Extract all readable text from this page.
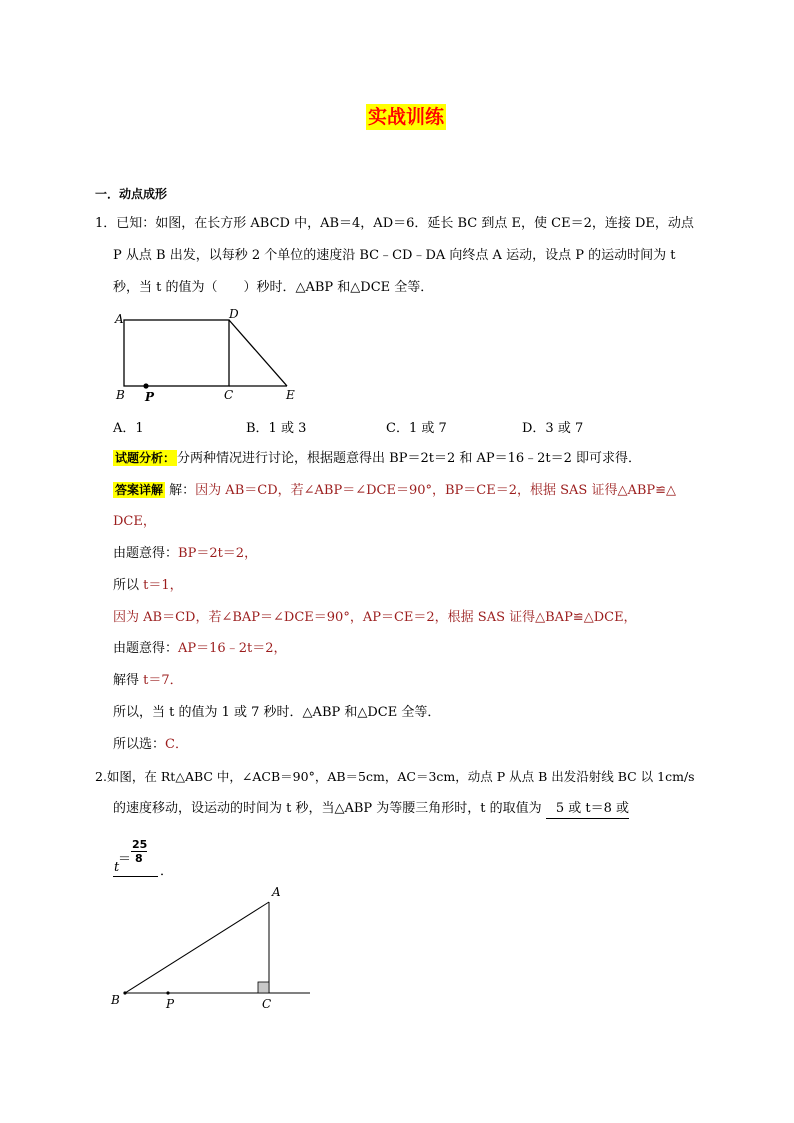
实战训练
一．动点成形
1．已知：如图，在长方形 ABCD 中，AB＝4，AD＝6．延长 BC 到点 E，使 CE＝2，连接 DE，动点
P 从点 B 出发，以每秒 2 个单位的速度沿 BC﹣CD﹣DA 向终点 A 运动，设点 P 的运动时间为 t
秒，当 t 的值为（　　）秒时．△ABP 和△DCE 全等．
A	D
B P	C	E
A．1	B．1 或 3	C．1 或 7	D．3 或 7
试题分析： 分两种情况进行讨论，根据题意得出 BP＝2t＝2 和 AP＝16﹣2t＝2 即可求得．
答案详解 解：因为 AB＝CD，若∠ABP＝∠DCE＝90°，BP＝CE＝2，根据 SAS 证得△ABP≌△
DCE，
由题意得：BP＝2t＝2，
所以 t＝1，
因为 AB＝CD，若∠BAP＝∠DCE＝90°，AP＝CE＝2，根据 SAS 证得△BAP≌△DCE，
由题意得：AP＝16﹣2t＝2，
解得 t＝7．
所以，当 t 的值为 1 或 7 秒时．△ABP 和△DCE 全等．
所以选：C．
2.如图，在 Rt△ABC 中，∠ACB＝90°，AB＝5cm，AC＝3cm，动点 P 从点 B 出发沿射线 BC 以 1cm/s
的速度移动，设运动的时间为 t 秒，当△ABP 为等腰三角形时，t 的取值为 5 或 t＝8 或
＝
25
8
t	．
A
B	P	C
